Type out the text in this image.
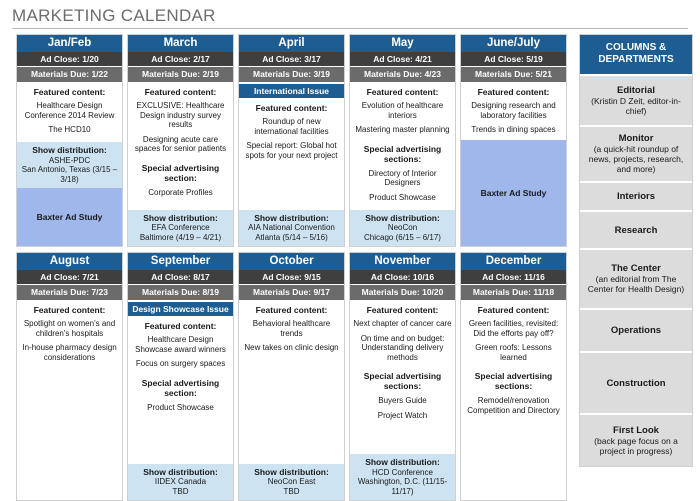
MARKETING CALENDAR
Jan/Feb
Ad Close: 1/20
Materials Due: 1/22
Featured content:
Healthcare Design Conference 2014 Review
The HCD10
Show distribution:
ASHE-PDC
San Antonio, Texas (3/15 – 3/18)
Baxter Ad Study
March
Ad Close: 2/17
Materials Due: 2/19
Featured content:
EXCLUSIVE: Healthcare Design industry survey results
Designing acute care spaces for senior patients
Special advertising section:
Corporate Profiles
Show distribution:
EFA Conference
Baltimore (4/19 – 4/21)
April
Ad Close: 3/17
Materials Due: 3/19
International Issue
Featured content:
Roundup of new international facilities
Special report: Global hot spots for your next project
Show distribution:
AIA National Convention
Atlanta (5/14 – 5/16)
May
Ad Close: 4/21
Materials Due: 4/23
Featured content:
Evolution of healthcare interiors
Mastering master planning
Special advertising sections:
Directory of Interior Designers
Product Showcase
Show distribution:
NeoCon
Chicago (6/15 – 6/17)
June/July
Ad Close: 5/19
Materials Due: 5/21
Featured content:
Designing research and laboratory facilities
Trends in dining spaces
Baxter Ad Study
August
Ad Close: 7/21
Materials Due: 7/23
Featured content:
Spotlight on women's and children's hospitals
In-house pharmacy design considerations
September
Ad Close: 8/17
Materials Due: 8/19
Design Showcase Issue
Featured content:
Healthcare Design Showcase award winners
Focus on surgery spaces
Special advertising section:
Product Showcase
Show distribution:
IIDEX Canada
TBD
October
Ad Close: 9/15
Materials Due: 9/17
Featured content:
Behavioral healthcare trends
New takes on clinic design
Show distribution:
NeoCon East
TBD
November
Ad Close: 10/16
Materials Due: 10/20
Featured content:
Next chapter of cancer care
On time and on budget: Understanding delivery methods
Special advertising sections:
Buyers Guide
Project Watch
Show distribution:
HCD Conference
Washington, D.C. (11/15-11/17)
December
Ad Close: 11/16
Materials Due: 11/18
Featured content:
Green facilities, revisited: Did the efforts pay off?
Green roofs: Lessons learned
Special advertising sections:
Remodel/renovation Competition and Directory
COLUMNS & DEPARTMENTS
Editorial
(Kristin D Zeit, editor-in-chief)
Monitor
(a quick-hit roundup of news, projects, research, and more)
Interiors
Research
The Center
(an editorial from The Center for Health Design)
Operations
Construction
First Look
(back page focus on a project in progress)
